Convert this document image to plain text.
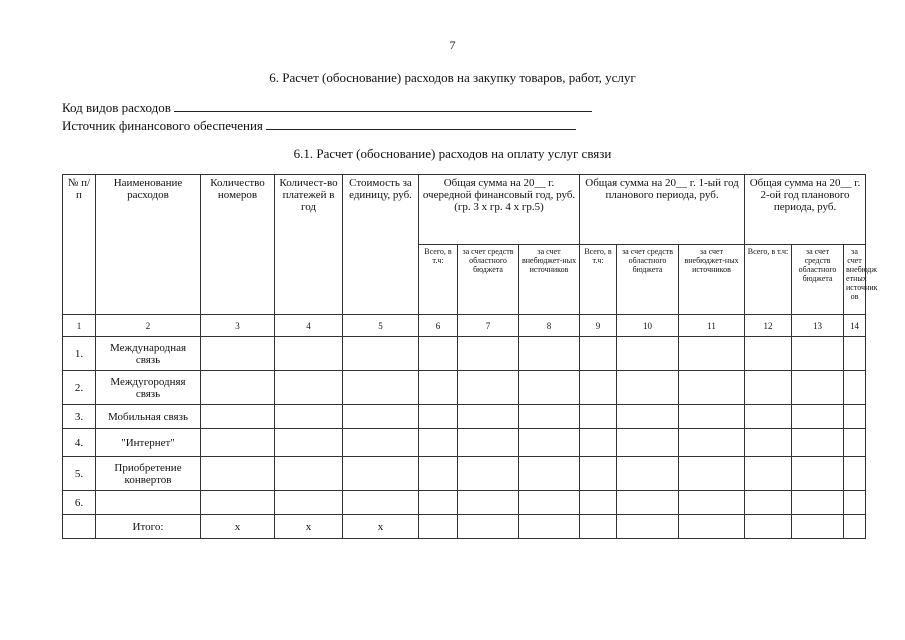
7
6. Расчет (обоснование) расходов на закупку товаров, работ, услуг
Код видов расходов
Источник финансового обеспечения
6.1. Расчет (обоснование) расходов на оплату услуг связи
№ п/п	Наименование расходов	Количество номеров	Количест-во платежей в год	Стоимость за единицу, руб.	Общая сумма на 20__ г. очередной финансовый год, руб. (гр. 3 х гр. 4 х гр.5)			Общая сумма на 20__ г. 1-ый год планового периода, руб.			Общая сумма на 20__ г. 2-ой год планового периода, руб.		
					Всего, в т.ч:	за счет средств областного бюджета	за счет внебюджет-ных источников	Всего, в т.ч:	за счет средств областного бюджета	за счет внебюджет-ных источников	Всего, в т.ч:	за счет средств областного бюджета	за счет внебюдж етных источник ов
1	2	3	4	5	6	7	8	9	10	11	12	13	14
1.	Международная связь												
2.	Междугородняя связь												
3.	Мобильная связь												
4.	"Интернет"												
5.	Приобретение конвертов												
6.													
	Итого:	х	х	х									
